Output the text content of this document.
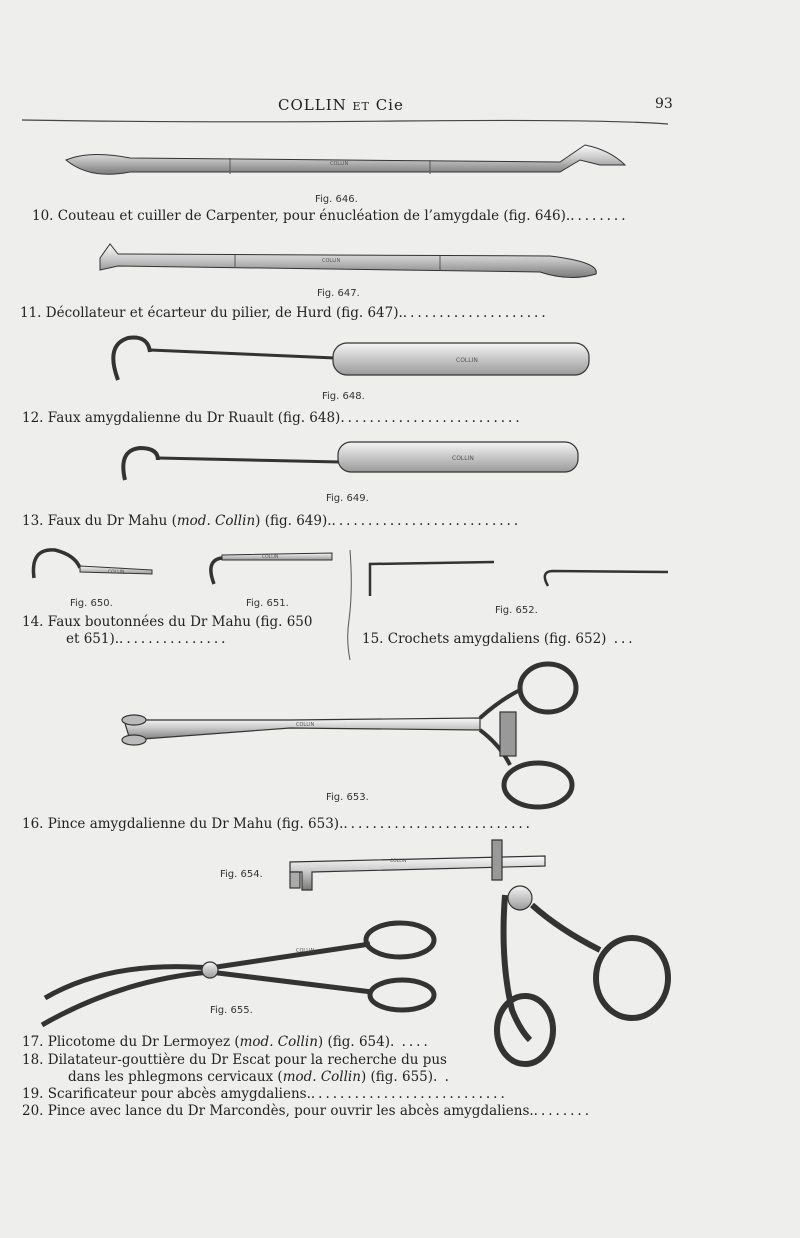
COLLIN ET Cie	93
COLLIN
COLLIN
COLLIN
COLLIN
COLLIN
COLLIN
COLLIN
COLLIN
COLLIN
Fig. 646.
Fig. 647.
Fig. 648.
Fig. 649.
Fig. 650.	Fig. 651.
Fig. 652.
Fig. 653.
Fig. 654.
Fig. 655.
10. Couteau et cuiller de Carpenter, pour énucléation de l’amygdale (fig. 646).........
11. Décollateur et écarteur du pilier, de Hurd (fig. 647).....................
12. Faux amygdalienne du Dr Ruault (fig. 648).........................
13. Faux du Dr Mahu (mod. Collin) (fig. 649)...........................
14. Faux boutonnées du Dr Mahu (fig. 650
et 651)................	15. Crochets amygdaliens (fig. 652) ...
16. Pince amygdalienne du Dr Mahu (fig. 653)...........................
17. Plicotome du Dr Lermoyez (mod. Collin) (fig. 654). ....
18. Dilatateur-gouttière du Dr Escat pour la recherche du pus
dans les phlegmons cervicaux (mod. Collin) (fig. 655). .
19. Scarificateur pour abcès amygdaliens............................
20. Pince avec lance du Dr Marcondès, pour ouvrir les abcès amygdaliens.........
